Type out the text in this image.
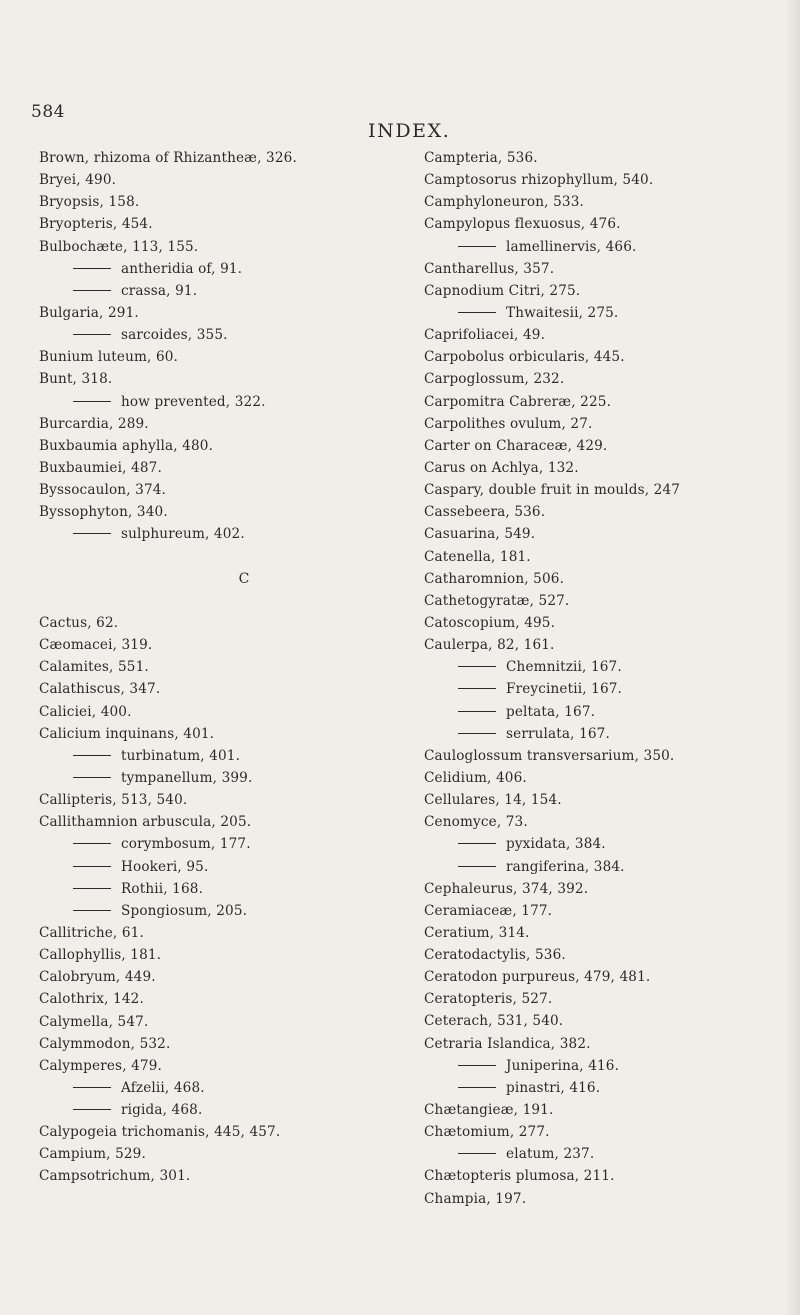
584
INDEX.
Brown, rhizoma of Rhizantheæ, 326.
Bryei, 490.
Bryopsis, 158.
Bryopteris, 454.
Bulbochæte, 113, 155.
antheridia of, 91.
crassa, 91.
Bulgaria, 291.
sarcoides, 355.
Bunium luteum, 60.
Bunt, 318.
how prevented, 322.
Burcardia, 289.
Buxbaumia aphylla, 480.
Buxbaumiei, 487.
Byssocaulon, 374.
Byssophyton, 340.
sulphureum, 402.
C
Cactus, 62.
Cæomacei, 319.
Calamites, 551.
Calathiscus, 347.
Caliciei, 400.
Calicium inquinans, 401.
turbinatum, 401.
tympanellum, 399.
Callipteris, 513, 540.
Callithamnion arbuscula, 205.
corymbosum, 177.
Hookeri, 95.
Rothii, 168.
Spongiosum, 205.
Callitriche, 61.
Callophyllis, 181.
Calobryum, 449.
Calothrix, 142.
Calymella, 547.
Calymmodon, 532.
Calymperes, 479.
Afzelii, 468.
rigida, 468.
Calypogeia trichomanis, 445, 457.
Campium, 529.
Campsotrichum, 301.
Campteria, 536.
Camptosorus rhizophyllum, 540.
Camphyloneuron, 533.
Campylopus flexuosus, 476.
lamellinervis, 466.
Cantharellus, 357.
Capnodium Citri, 275.
Thwaitesii, 275.
Caprifoliacei, 49.
Carpobolus orbicularis, 445.
Carpoglossum, 232.
Carpomitra Cabreræ, 225.
Carpolithes ovulum, 27.
Carter on Characeæ, 429.
Carus on Achlya, 132.
Caspary, double fruit in moulds, 247
Cassebeera, 536.
Casuarina, 549.
Catenella, 181.
Catharomnion, 506.
Cathetogyratæ, 527.
Catoscopium, 495.
Caulerpa, 82, 161.
Chemnitzii, 167.
Freycinetii, 167.
peltata, 167.
serrulata, 167.
Cauloglossum transversarium, 350.
Celidium, 406.
Cellulares, 14, 154.
Cenomyce, 73.
pyxidata, 384.
rangiferina, 384.
Cephaleurus, 374, 392.
Ceramiaceæ, 177.
Ceratium, 314.
Ceratodactylis, 536.
Ceratodon purpureus, 479, 481.
Ceratopteris, 527.
Ceterach, 531, 540.
Cetraria Islandica, 382.
Juniperina, 416.
pinastri, 416.
Chætangieæ, 191.
Chætomium, 277.
elatum, 237.
Chætopteris plumosa, 211.
Champia, 197.
